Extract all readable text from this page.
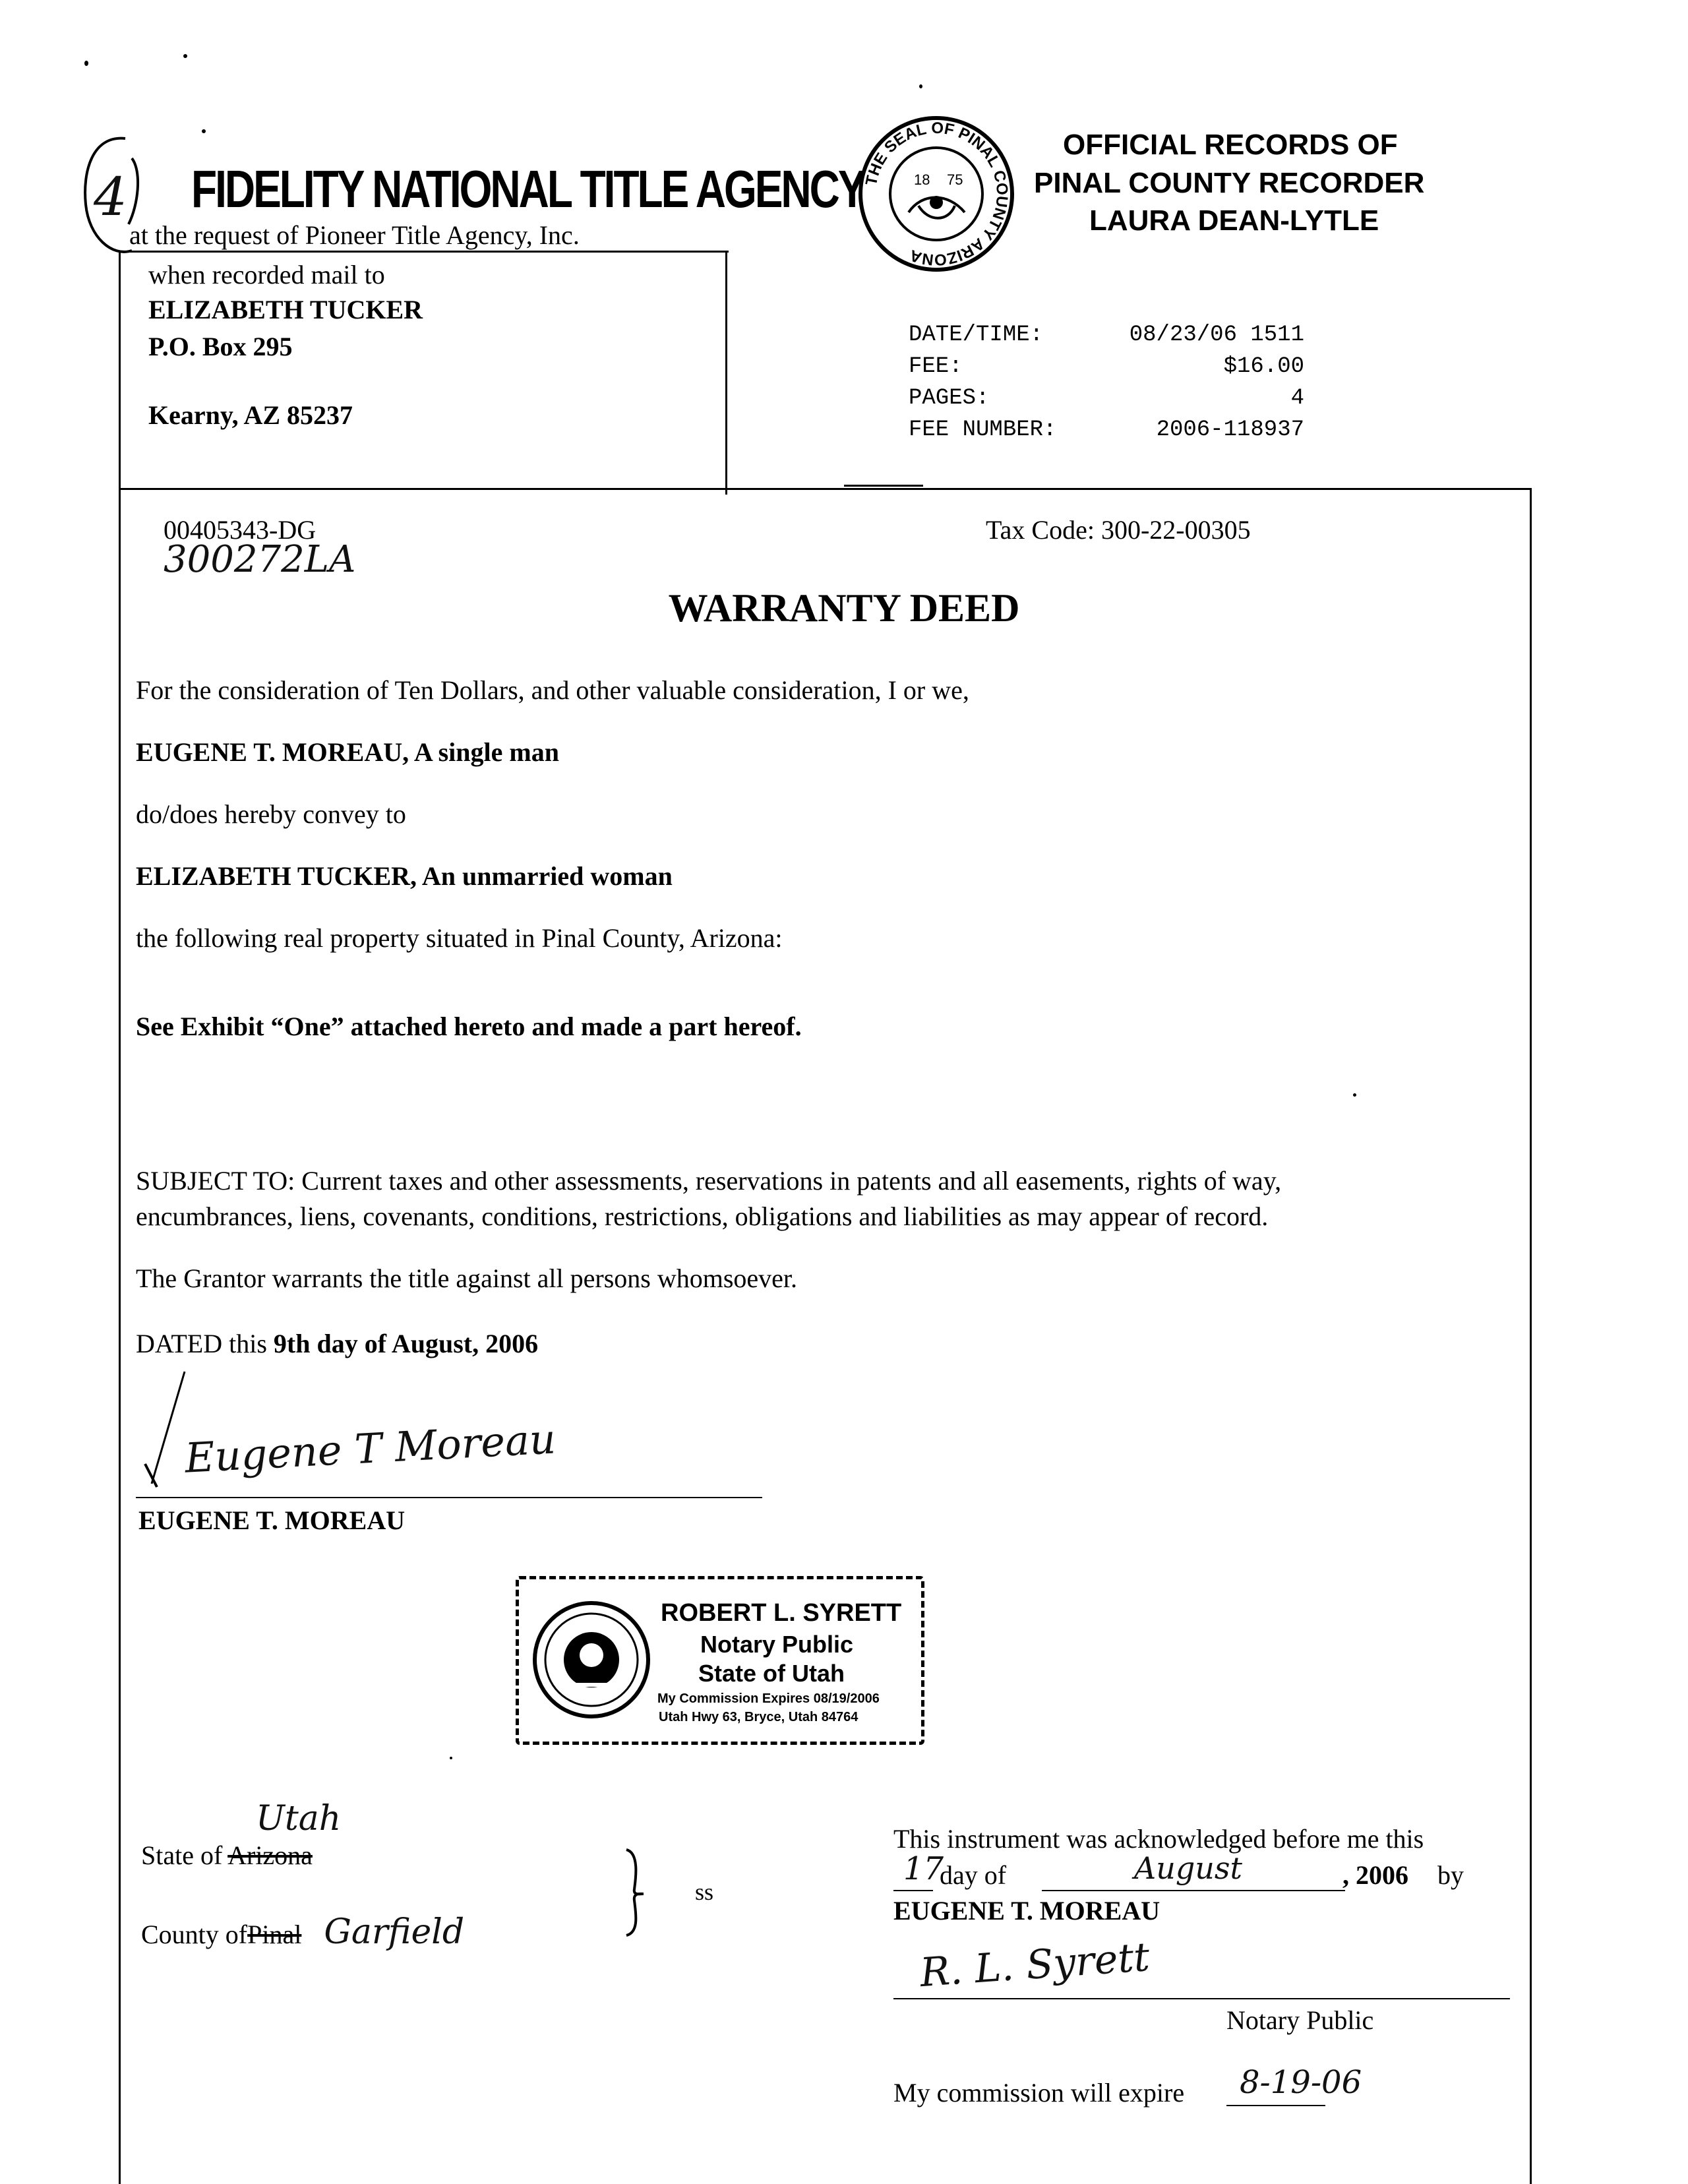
4 FIDELITY NATIONAL TITLE AGENCY
at the request of Pioneer Title Agency, Inc.
when recorded mail to
ELIZABETH TUCKER
P.O. Box 295
Kearny, AZ 85237
THE SEAL OF PINAL COUNTY ARIZONA
18 75
OFFICIAL RECORDS OF
PINAL COUNTY RECORDER
LAURA DEAN-LYTLE
DATE/TIME:	08/23/06 1511
FEE:	$16.00
PAGES:	4
FEE NUMBER:	2006-118937
00405343-DG
300272LA
Tax Code: 300-22-00305
WARRANTY DEED
For the consideration of Ten Dollars, and other valuable consideration, I or we,
EUGENE T. MOREAU, A single man
do/does hereby convey to
ELIZABETH TUCKER, An unmarried woman
the following real property situated in Pinal County, Arizona:
See Exhibit “One” attached hereto and made a part hereof.
SUBJECT TO: Current taxes and other assessments, reservations in patents and all easements, rights of way,
encumbrances, liens, covenants, conditions, restrictions, obligations and liabilities as may appear of record.
The Grantor warrants the title against all persons whomsoever.
DATED this 9th day of August, 2006
Eugene T Moreau
EUGENE T. MOREAU
ROBERT L. SYRETT
Notary Public
State of Utah
My Commission Expires 08/19/2006
Utah Hwy 63, Bryce, Utah 84764
Utah
State of Arizona
County ofPinal Garfield
ss
This instrument was acknowledged before me this
17
day of	August	, 2006 by
EUGENE T. MOREAU
R. L. Syrett
Notary Public
My commission will expire 8-19-06
